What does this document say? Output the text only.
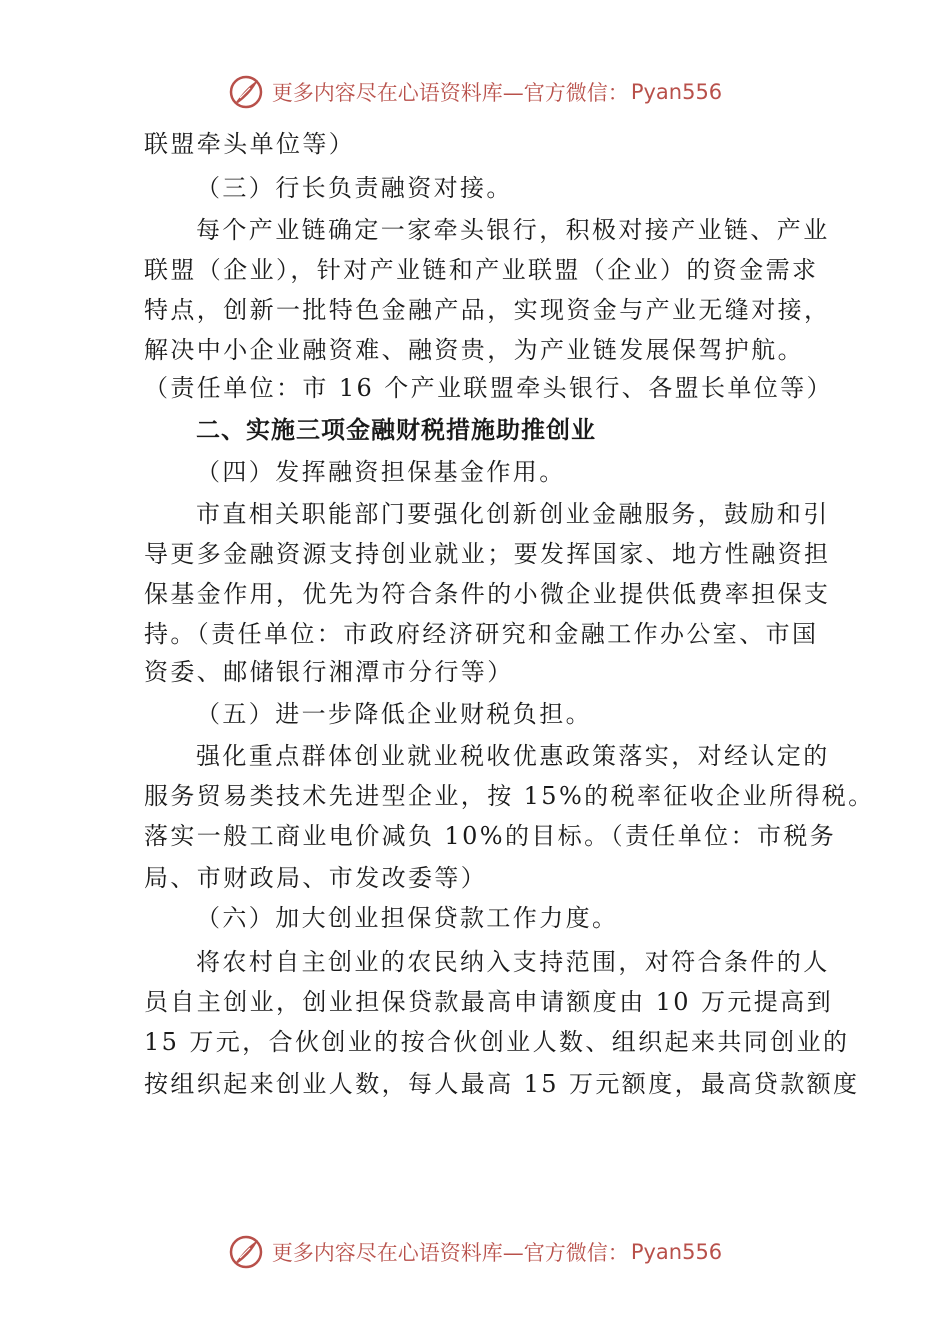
更多内容尽在心语资料库—官方微信： Pyan556
联盟牵头单位等）
（三）行长负责融资对接。
每个产业链确定一家牵头银行，积极对接产业链、产业
联盟（企业），针对产业链和产业联盟（企业）的资金需求
特点，创新一批特色金融产品，实现资金与产业无缝对接，
解决中小企业融资难、融资贵，为产业链发展保驾护航。
（责任单位：市 16 个产业联盟牵头银行、各盟长单位等）
二、实施三项金融财税措施助推创业
（四）发挥融资担保基金作用。
市直相关职能部门要强化创新创业金融服务，鼓励和引
导更多金融资源支持创业就业；要发挥国家、地方性融资担
保基金作用，优先为符合条件的小微企业提供低费率担保支
持。（责任单位：市政府经济研究和金融工作办公室、市国
资委、邮储银行湘潭市分行等）
（五）进一步降低企业财税负担。
强化重点群体创业就业税收优惠政策落实，对经认定的
服务贸易类技术先进型企业，按 15%的税率征收企业所得税。
落实一般工商业电价减负 10%的目标。（责任单位：市税务
局、市财政局、市发改委等）
（六）加大创业担保贷款工作力度。
将农村自主创业的农民纳入支持范围，对符合条件的人
员自主创业，创业担保贷款最高申请额度由 10 万元提高到
15 万元，合伙创业的按合伙创业人数、组织起来共同创业的
按组织起来创业人数，每人最高 15 万元额度，最高贷款额度
更多内容尽在心语资料库—官方微信： Pyan556
